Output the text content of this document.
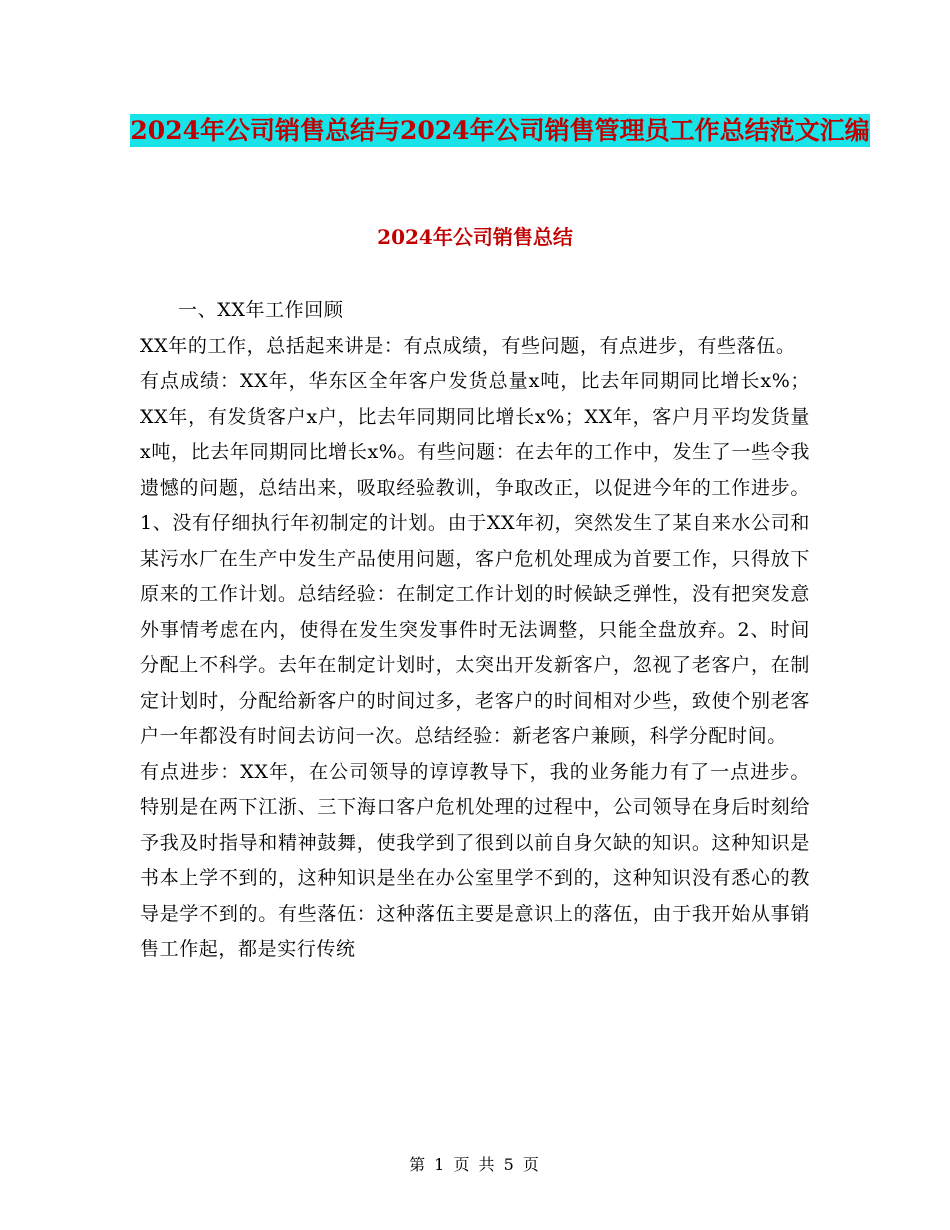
2024年公司销售总结与2024年公司销售管理员工作总结范文汇编
2024年公司销售总结

一、XX年工作回顾

XX年的工作，总括起来讲是：有点成绩，有些问题，有点进步，有些落伍。

有点成绩：XX年，华东区全年客户发货总量x吨，比去年同期同比增长x%；XX年，有发货客户x户，比去年同期同比增长x%；XX年，客户月平均发货量x吨，比去年同期同比增长x%。有些问题：在去年的工作中，发生了一些令我遗憾的问题，总结出来，吸取经验教训，争取改正，以促进今年的工作进步。1、没有仔细执行年初制定的计划。由于XX年初，突然发生了某自来水公司和某污水厂在生产中发生产品使用问题，客户危机处理成为首要工作，只得放下原来的工作计划。总结经验：在制定工作计划的时候缺乏弹性，没有把突发意外事情考虑在内，使得在发生突发事件时无法调整，只能全盘放弃。2、时间分配上不科学。去年在制定计划时，太突出开发新客户，忽视了老客户，在制定计划时，分配给新客户的时间过多，老客户的时间相对少些，致使个别老客户一年都没有时间去访问一次。总结经验：新老客户兼顾，科学分配时间。

有点进步：XX年，在公司领导的谆谆教导下，我的业务能力有了一点进步。特别是在两下江浙、三下海口客户危机处理的过程中，公司领导在身后时刻给予我及时指导和精神鼓舞，使我学到了很到以前自身欠缺的知识。这种知识是书本上学不到的，这种知识是坐在办公室里学不到的，这种知识没有悉心的教导是学不到的。有些落伍：这种落伍主要是意识上的落伍，由于我开始从事销售工作起，都是实行传统

第 1 页 共 5 页
